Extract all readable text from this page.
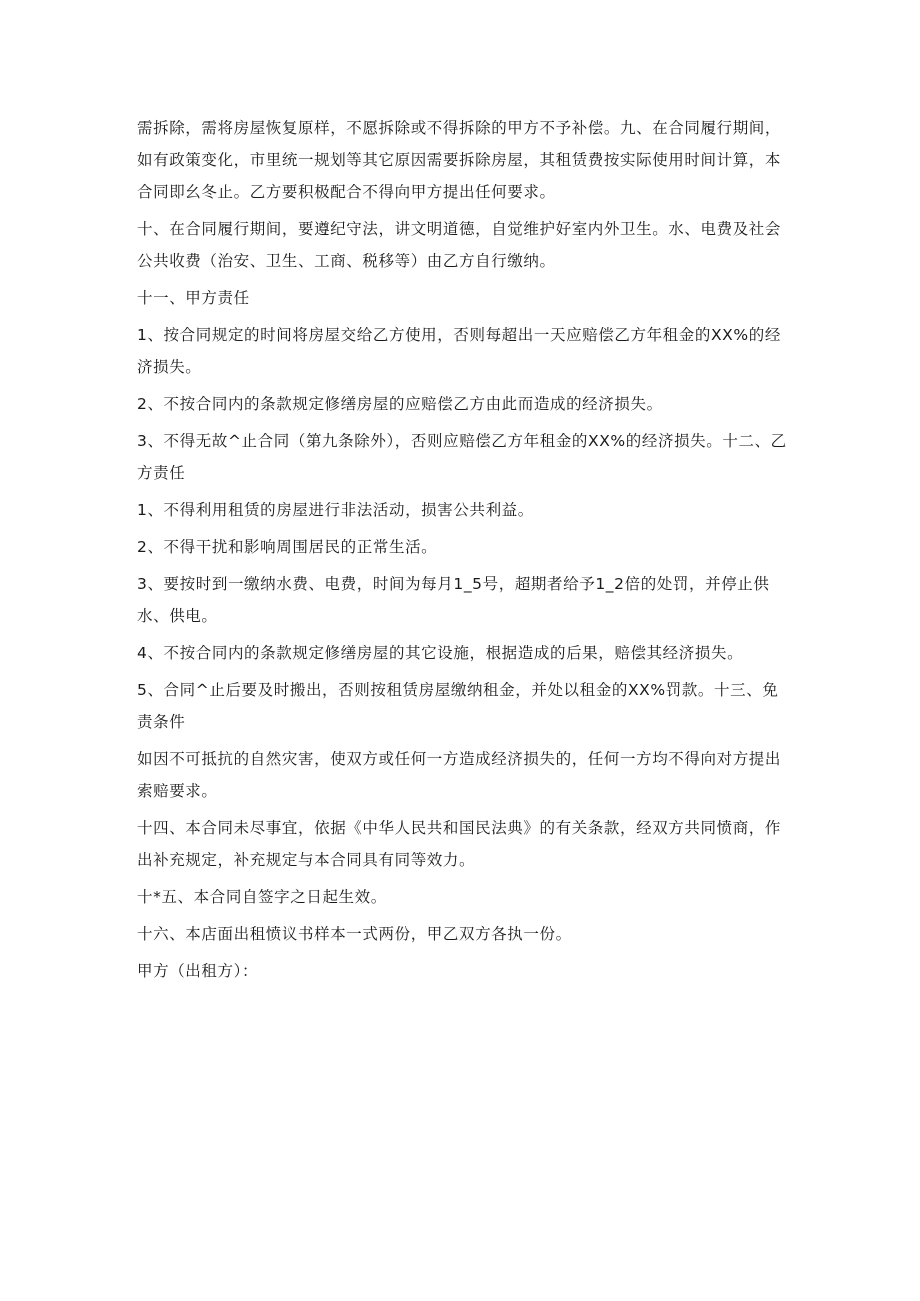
需拆除，需将房屋恢复原样，不愿拆除或不得拆除的甲方不予补偿。九、在合同履行期间，如有政策变化，市里统一规划等其它原因需要拆除房屋，其租赁费按实际使用时间计算，本合同即幺冬止。乙方要积极配合不得向甲方提出任何要求。

十、在合同履行期间，要遵纪守法，讲文明道德，自觉维护好室内外卫生。水、电费及社会公共收费（治安、卫生、工商、税移等）由乙方自行缴纳。

十一、甲方责任

1、按合同规定的时间将房屋交给乙方使用，否则每超出一天应赔偿乙方年租金的XX%的经济损失。

2、不按合同内的条款规定修缮房屋的应赔偿乙方由此而造成的经济损失。

3、不得无故^止合同（第九条除外），否则应赔偿乙方年租金的XX%的经济损失。十二、乙方责任

1、不得利用租赁的房屋进行非法活动，损害公共利益。

2、不得干扰和影响周围居民的正常生活。

3、要按时到一缴纳水费、电费，时间为每月1_5号，超期者给予1_2倍的处罚，并停止供水、供电。

4、不按合同内的条款规定修缮房屋的其它设施，根据造成的后果，赔偿其经济损失。

5、合同^止后要及时搬出，否则按租赁房屋缴纳租金，并处以租金的XX%罚款。十三、免责条件

如因不可抵抗的自然灾害，使双方或任何一方造成经济损失的，任何一方均不得向对方提出索赔要求。

十四、本合同未尽事宜，依据《中华人民共和国民法典》的有关条款，经双方共同愤商，作出补充规定，补充规定与本合同具有同等效力。

十*五、本合同自签字之日起生效。

十六、本店面出租愤议书样本一式两份，甲乙双方各执一份。

甲方（出租方）：
